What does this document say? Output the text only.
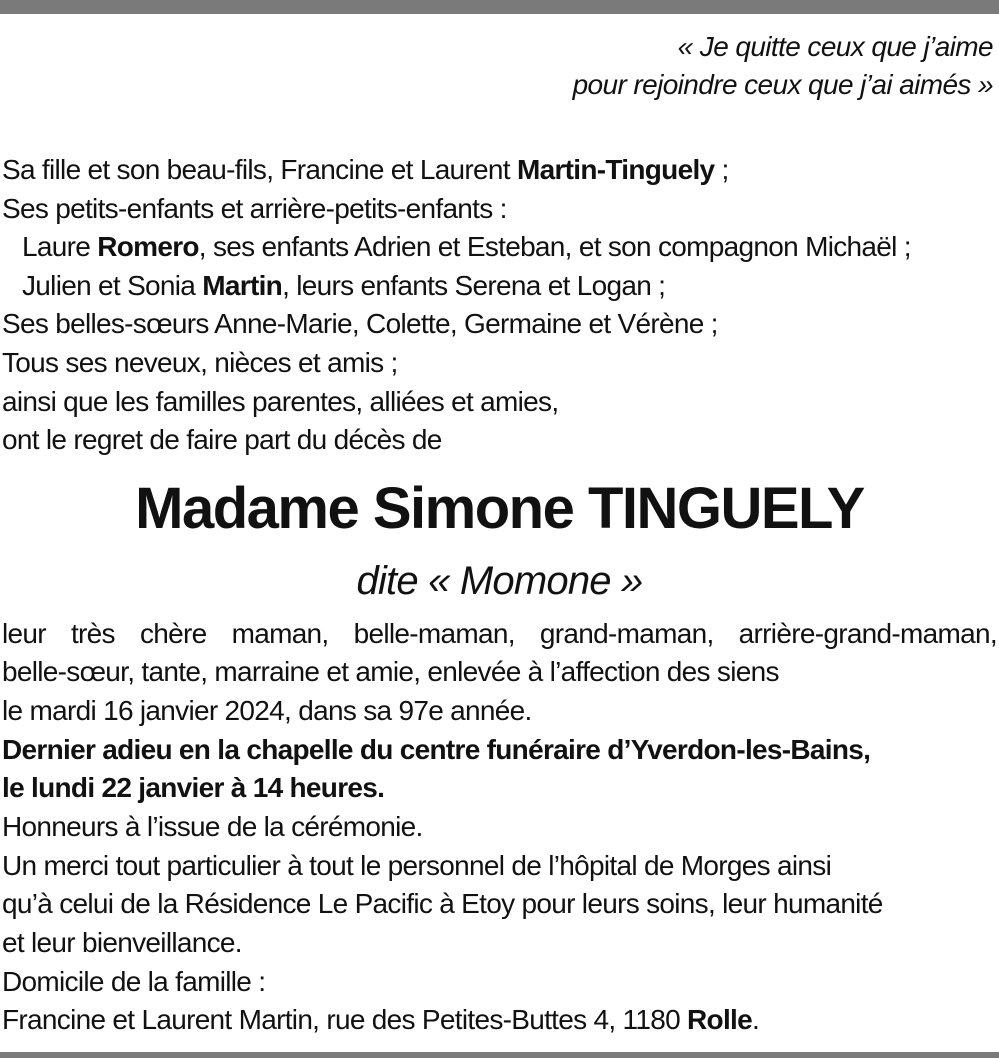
« Je quitte ceux que j’aime
pour rejoindre ceux que j’ai aimés »
Sa fille et son beau-fils, Francine et Laurent Martin-Tinguely ;
Ses petits-enfants et arrière-petits-enfants :
Laure Romero, ses enfants Adrien et Esteban, et son compagnon Michaël ;
Julien et Sonia Martin, leurs enfants Serena et Logan ;
Ses belles-sœurs Anne-Marie, Colette, Germaine et Vérène ;
Tous ses neveux, nièces et amis ;
ainsi que les familles parentes, alliées et amies,
ont le regret de faire part du décès de
Madame Simone TINGUELY
dite « Momone »
leur très chère maman, belle-maman, grand-maman, arrière-grand-maman,
belle-sœur, tante, marraine et amie, enlevée à l’affection des siens
le mardi 16 janvier 2024, dans sa 97e année.
Dernier adieu en la chapelle du centre funéraire d’Yverdon-les-Bains,
le lundi 22 janvier à 14 heures.
Honneurs à l’issue de la cérémonie.
Un merci tout particulier à tout le personnel de l’hôpital de Morges ainsi
qu’à celui de la Résidence Le Pacific à Etoy pour leurs soins, leur humanité
et leur bienveillance.
Domicile de la famille :
Francine et Laurent Martin, rue des Petites-Buttes 4, 1180 Rolle.
